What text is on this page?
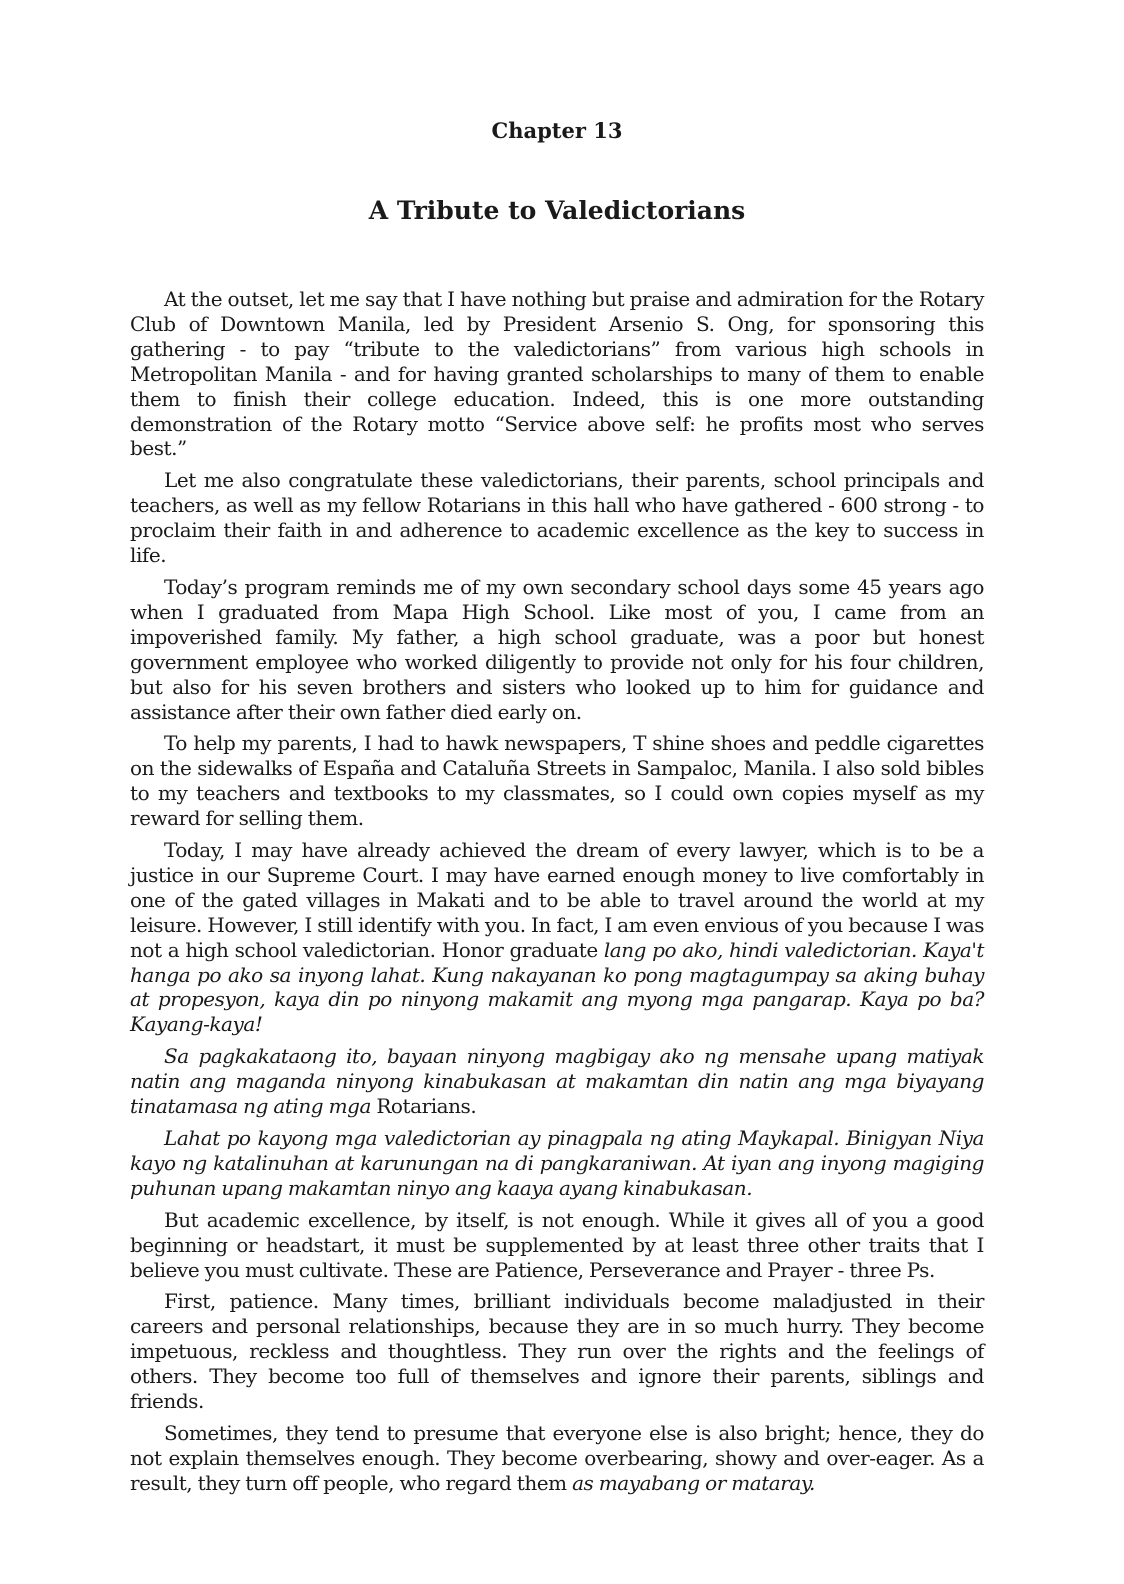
Chapter 13
A Tribute to Valedictorians

At the outset, let me say that I have nothing but praise and admiration for the Rotary Club of Downtown Manila, led by President Arsenio S. Ong, for sponsoring this gathering - to pay “tribute to the valedictorians” from various high schools in Metropolitan Manila - and for having granted scholarships to many of them to enable them to finish their college education. Indeed, this is one more outstanding demonstration of the Rotary motto “Service above self: he profits most who serves best.”

Let me also congratulate these valedictorians, their parents, school principals and teachers, as well as my fellow Rotarians in this hall who have gathered - 600 strong - to proclaim their faith in and adherence to academic excellence as the key to success in life.

Today’s program reminds me of my own secondary school days some 45 years ago when I graduated from Mapa High School. Like most of you, I came from an impoverished family. My father, a high school graduate, was a poor but honest government employee who worked diligently to provide not only for his four children, but also for his seven brothers and sisters who looked up to him for guidance and assistance after their own father died early on.

To help my parents, I had to hawk newspapers, T shine shoes and peddle cigarettes on the sidewalks of España and Cataluña Streets in Sampaloc, Manila. I also sold bibles to my teachers and textbooks to my classmates, so I could own copies myself as my reward for selling them.

Today, I may have already achieved the dream of every lawyer, which is to be a justice in our Supreme Court. I may have earned enough money to live comfortably in one of the gated villages in Makati and to be able to travel around the world at my leisure. However, I still identify with you. In fact, I am even envious of you because I was not a high school valedictorian. Honor graduate lang po ako, hindi valedictorian. Kaya't hanga po ako sa inyong lahat. Kung nakayanan ko pong magtagumpay sa aking buhay at propesyon, kaya din po ninyong makamit ang myong mga pangarap. Kaya po ba? Kayang-kaya!

Sa pagkakataong ito, bayaan ninyong magbigay ako ng mensahe upang matiyak natin ang maganda ninyong kinabukasan at makamtan din natin ang mga biyayang tinatamasa ng ating mga Rotarians.

Lahat po kayong mga valedictorian ay pinagpala ng ating Maykapal. Binigyan Niya kayo ng katalinuhan at karunungan na di pangkaraniwan. At iyan ang inyong magiging puhunan upang makamtan ninyo ang kaaya ayang kinabukasan.

But academic excellence, by itself, is not enough. While it gives all of you a good beginning or headstart, it must be supplemented by at least three other traits that I believe you must cultivate. These are Patience, Perseverance and Prayer - three Ps.

First, patience. Many times, brilliant individuals become maladjusted in their careers and personal relationships, because they are in so much hurry. They become impetuous, reckless and thoughtless. They run over the rights and the feelings of others. They become too full of themselves and ignore their parents, siblings and friends.

Sometimes, they tend to presume that everyone else is also bright; hence, they do not explain themselves enough. They become overbearing, showy and over-eager. As a result, they turn off people, who regard them as mayabang or mataray.
